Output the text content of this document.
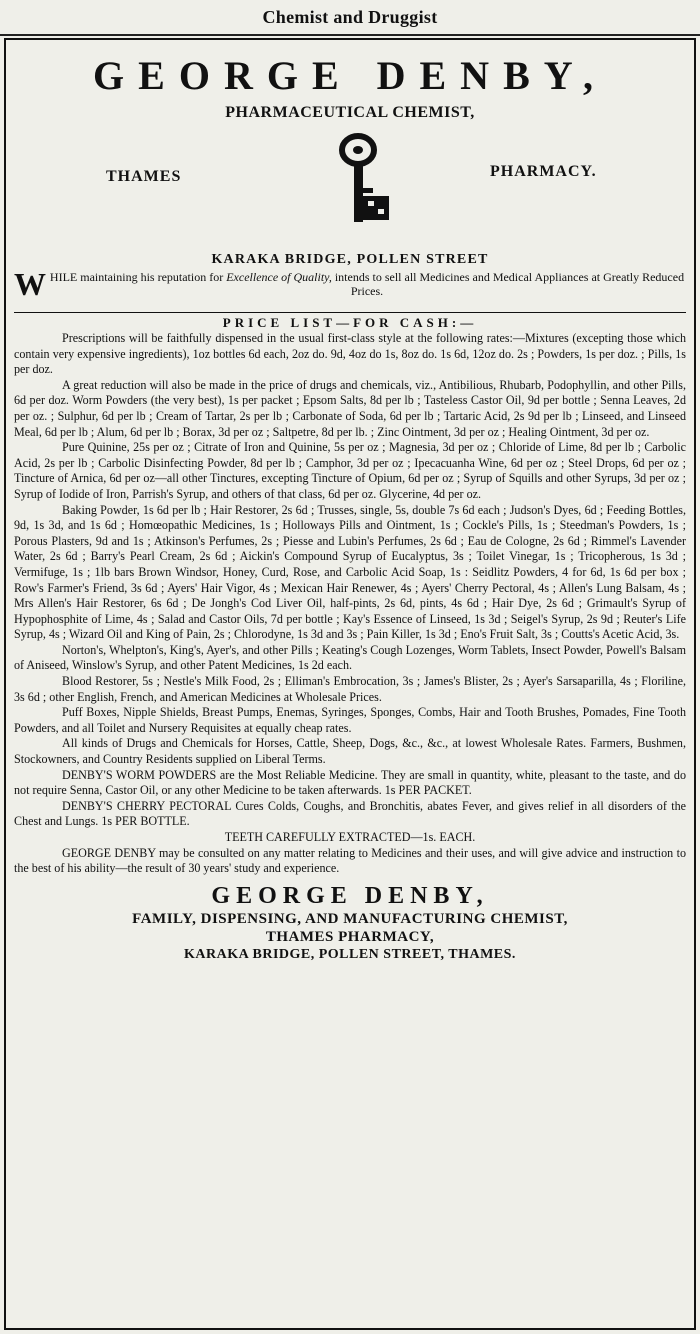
Chemist and Druggist
GEORGE DENBY,
PHARMACEUTICAL CHEMIST,
THAMES	PHARMACY.
KARAKA BRIDGE, POLLEN STREET
W HILE maintaining his reputation for Excellence of Quality, intends to sell all Medicines and Medical Appliances at Greatly Reduced Prices.
PRICE LIST—FOR CASH:—

Prescriptions will be faithfully dispensed in the usual first-class style at the following rates:—Mixtures (excepting those which contain very expensive ingredients), 1oz bottles 6d each, 2oz do. 9d, 4oz do 1s, 8oz do. 1s 6d, 12oz do. 2s ; Powders, 1s per doz. ; Pills, 1s per doz.

A great reduction will also be made in the price of drugs and chemicals, viz., Antibilious, Rhubarb, Podophyllin, and other Pills, 6d per doz. Worm Powders (the very best), 1s per packet ; Epsom Salts, 8d per lb ; Tasteless Castor Oil, 9d per bottle ; Senna Leaves, 2d per oz. ; Sulphur, 6d per lb ; Cream of Tartar, 2s per lb ; Carbonate of Soda, 6d per lb ; Tartaric Acid, 2s 9d per lb ; Linseed, and Linseed Meal, 6d per lb ; Alum, 6d per lb ; Borax, 3d per oz ; Saltpetre, 8d per lb. ; Zinc Ointment, 3d per oz ; Healing Ointment, 3d per oz.

Pure Quinine, 25s per oz ; Citrate of Iron and Quinine, 5s per oz ; Magnesia, 3d per oz ; Chloride of Lime, 8d per lb ; Carbolic Acid, 2s per lb ; Carbolic Disinfecting Powder, 8d per lb ; Camphor, 3d per oz ; Ipecacuanha Wine, 6d per oz ; Steel Drops, 6d per oz ; Tincture of Arnica, 6d per oz—all other Tinctures, excepting Tincture of Opium, 6d per oz ; Syrup of Squills and other Syrups, 3d per oz ; Syrup of Iodide of Iron, Parrish's Syrup, and others of that class, 6d per oz. Glycerine, 4d per oz.

Baking Powder, 1s 6d per lb ; Hair Restorer, 2s 6d ; Trusses, single, 5s, double 7s 6d each ; Judson's Dyes, 6d ; Feeding Bottles, 9d, 1s 3d, and 1s 6d ; Homœopathic Medicines, 1s ; Holloways Pills and Ointment, 1s ; Cockle's Pills, 1s ; Steedman's Powders, 1s ; Porous Plasters, 9d and 1s ; Atkinson's Perfumes, 2s ; Piesse and Lubin's Perfumes, 2s 6d ; Eau de Cologne, 2s 6d ; Rimmel's Lavender Water, 2s 6d ; Barry's Pearl Cream, 2s 6d ; Aickin's Compound Syrup of Eucalyptus, 3s ; Toilet Vinegar, 1s ; Tricopherous, 1s 3d ; Vermifuge, 1s ; 1lb bars Brown Windsor, Honey, Curd, Rose, and Carbolic Acid Soap, 1s : Seidlitz Powders, 4 for 6d, 1s 6d per box ; Row's Farmer's Friend, 3s 6d ; Ayers' Hair Vigor, 4s ; Mexican Hair Renewer, 4s ; Ayers' Cherry Pectoral, 4s ; Allen's Lung Balsam, 4s ; Mrs Allen's Hair Restorer, 6s 6d ; De Jongh's Cod Liver Oil, half-pints, 2s 6d, pints, 4s 6d ; Hair Dye, 2s 6d ; Grimault's Syrup of Hypophosphite of Lime, 4s ; Salad and Castor Oils, 7d per bottle ; Kay's Essence of Linseed, 1s 3d ; Seigel's Syrup, 2s 9d ; Reuter's Life Syrup, 4s ; Wizard Oil and King of Pain, 2s ; Chlorodyne, 1s 3d and 3s ; Pain Killer, 1s 3d ; Eno's Fruit Salt, 3s ; Coutts's Acetic Acid, 3s.

Norton's, Whelpton's, King's, Ayer's, and other Pills ; Keating's Cough Lozenges, Worm Tablets, Insect Powder, Powell's Balsam of Aniseed, Winslow's Syrup, and other Patent Medicines, 1s 2d each.

Blood Restorer, 5s ; Nestle's Milk Food, 2s ; Elliman's Embrocation, 3s ; James's Blister, 2s ; Ayer's Sarsaparilla, 4s ; Floriline, 3s 6d ; other English, French, and American Medicines at Wholesale Prices.

Puff Boxes, Nipple Shields, Breast Pumps, Enemas, Syringes, Sponges, Combs, Hair and Tooth Brushes, Pomades, Fine Tooth Powders, and all Toilet and Nursery Requisites at equally cheap rates.

All kinds of Drugs and Chemicals for Horses, Cattle, Sheep, Dogs, &c., &c., at lowest Wholesale Rates. Farmers, Bushmen, Stockowners, and Country Residents supplied on Liberal Terms.

DENBY'S WORM POWDERS are the Most Reliable Medicine. They are small in quantity, white, pleasant to the taste, and do not require Senna, Castor Oil, or any other Medicine to be taken afterwards. 1s PER PACKET.

DENBY'S CHERRY PECTORAL Cures Colds, Coughs, and Bronchitis, abates Fever, and gives relief in all disorders of the Chest and Lungs. 1s PER BOTTLE.

TEETH CAREFULLY EXTRACTED—1s. EACH.

GEORGE DENBY may be consulted on any matter relating to Medicines and their uses, and will give advice and instruction to the best of his ability—the result of 30 years' study and experience.

GEORGE DENBY,
FAMILY, DISPENSING, AND MANUFACTURING CHEMIST,
THAMES PHARMACY,
KARAKA BRIDGE, POLLEN STREET, THAMES.
